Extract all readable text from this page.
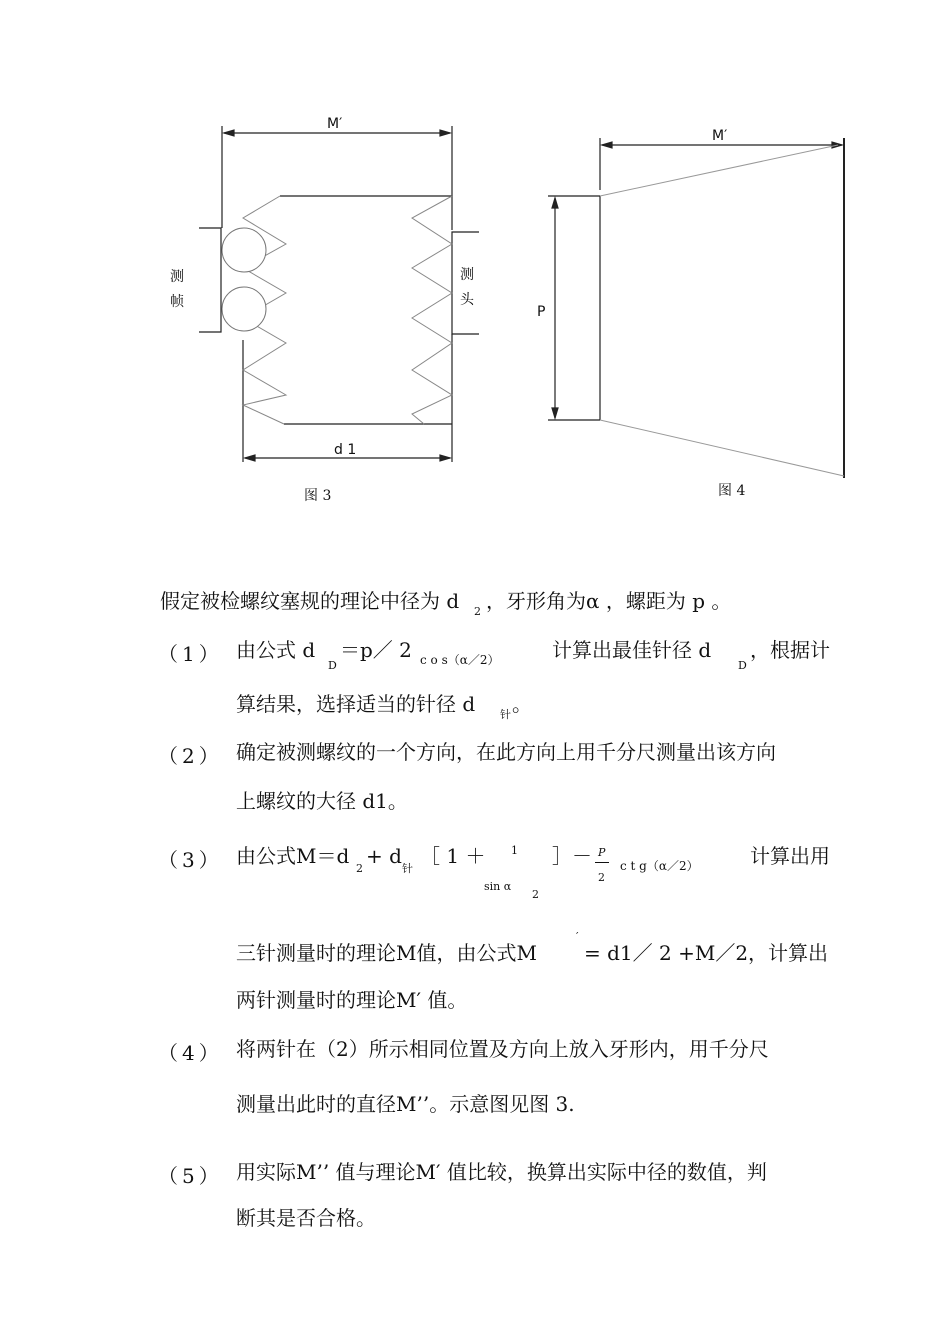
M′
d 1
测
帧
测
头
图 3
M′
P
图 4
假定被检螺纹塞规的理论中径为 d 2 ，牙形角为α ，螺距为 p 。
（1） 由公式 d
D
＝p／ 2 c o s（α／2）	计算出最佳针径 d
D
，根据计
算结果，选择适当的针径 d 针 。
（2） 确定被测螺纹的一个方向，在此方向上用千分尺测量出该方向
上螺纹的大径 d1。
（3） 由公式M＝d
2
+ d
针
［ 1 ＋ 1
sin α
2
］－ P
2
c t g（α／2）	计算出用
三针测量时的理论M值，由公式M
′
= d1／ 2 +M／2，计算出
两针测量时的理论M′ 值。
（4） 将两针在（2）所示相同位置及方向上放入牙形内，用千分尺
测量出此时的直径M’’。示意图见图 3.
（5） 用实际M’’ 值与理论M′ 值比较，换算出实际中径的数值，判
断其是否合格。
